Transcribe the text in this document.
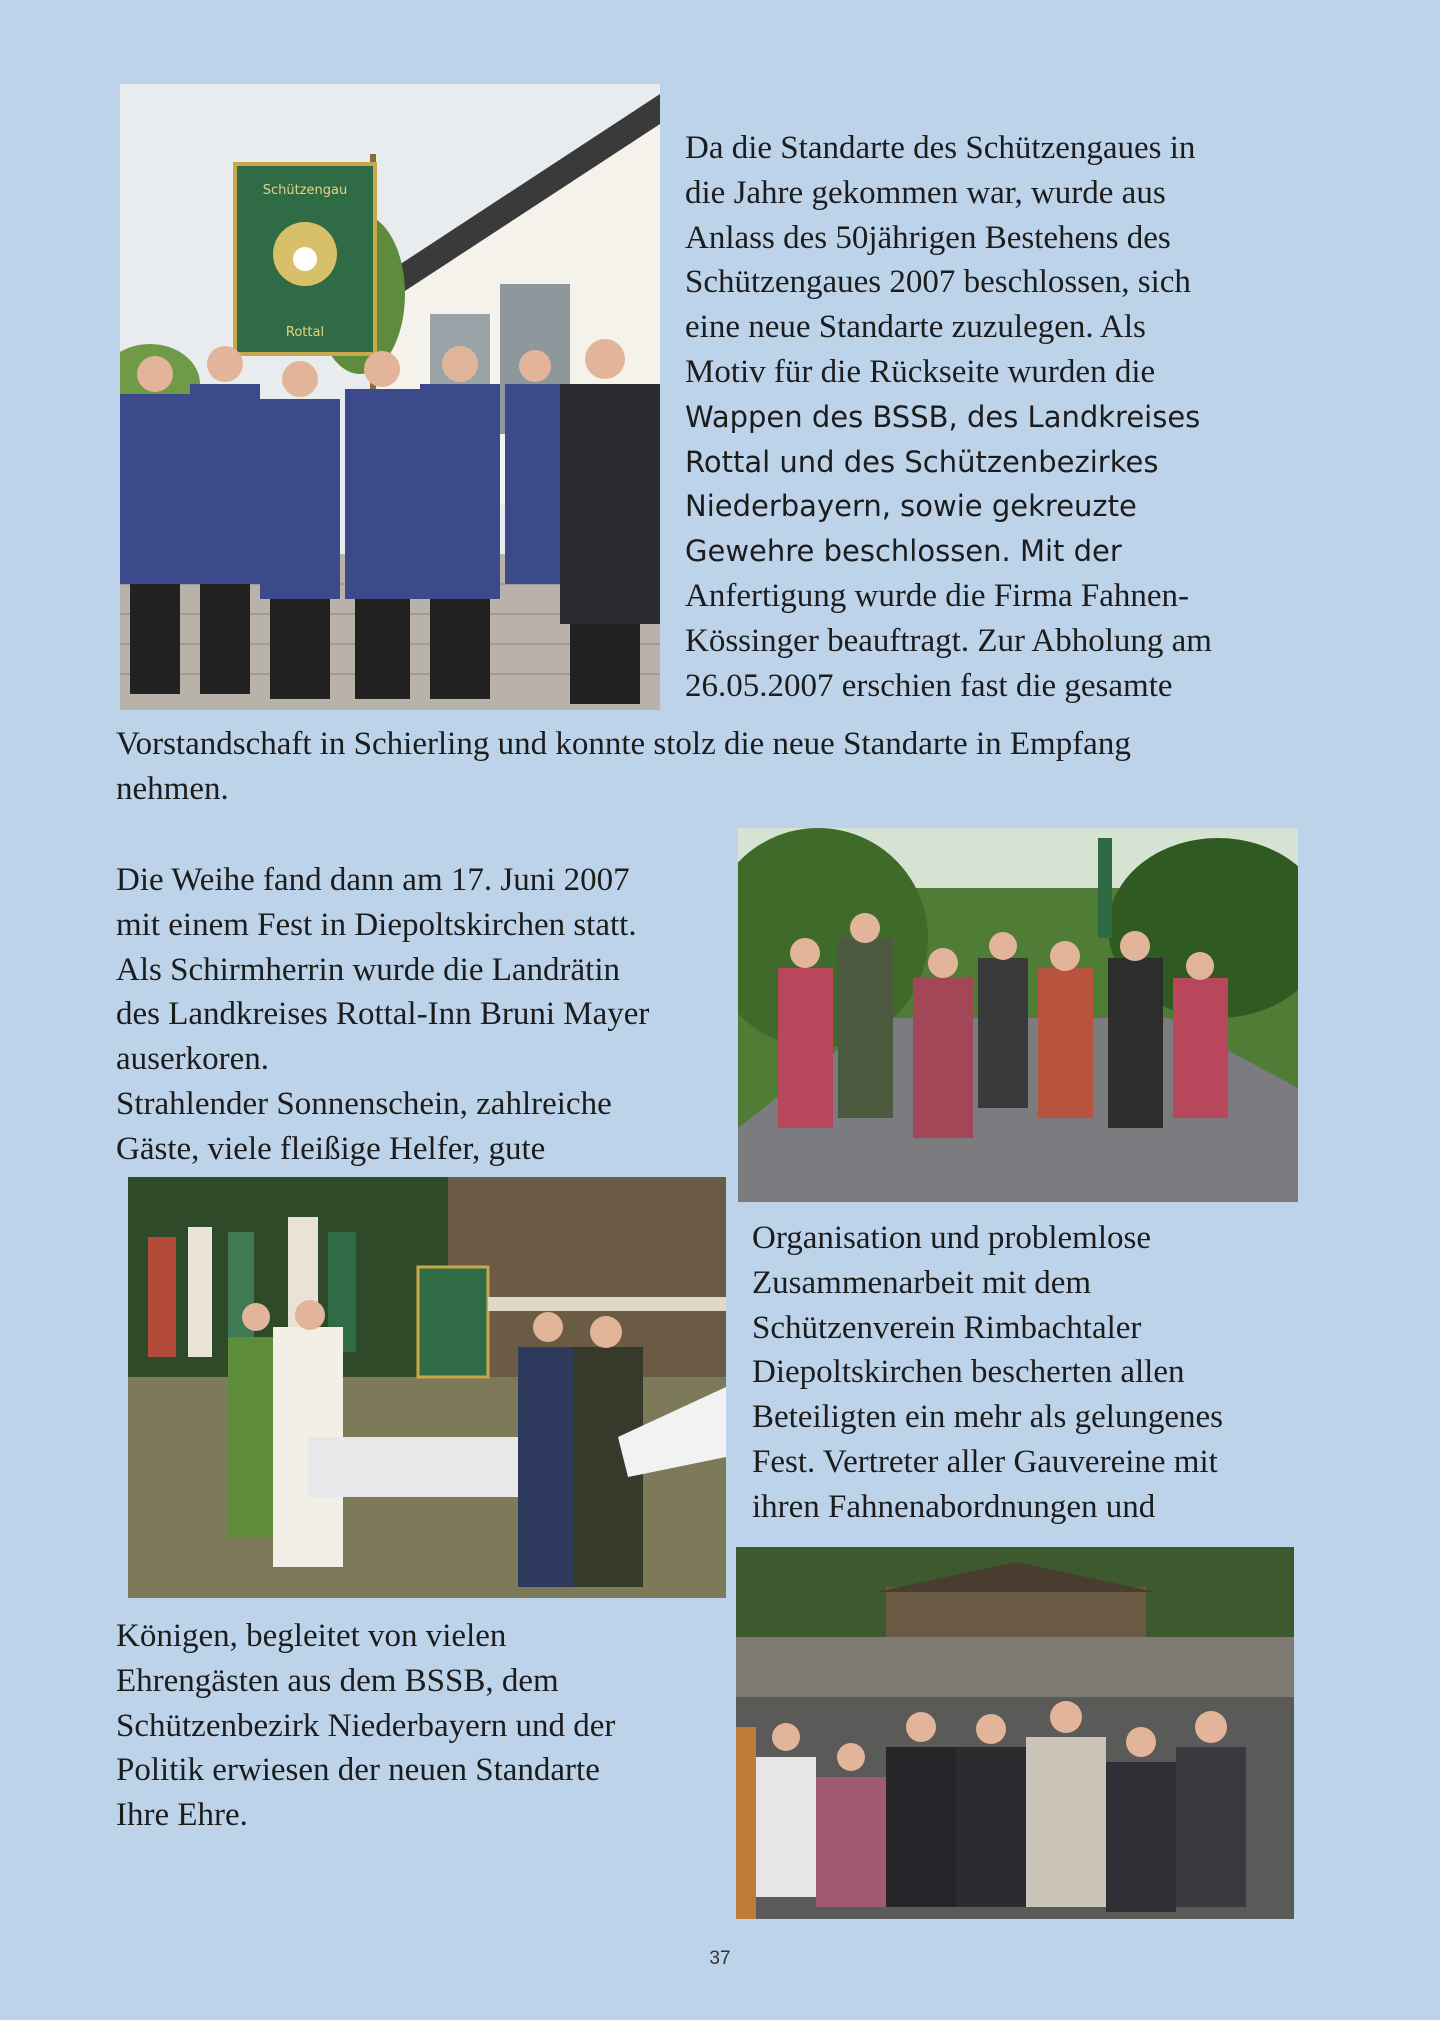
Schützengau
Rottal

Da die Standarte des Schützengaues in
die Jahre gekommen war, wurde aus
Anlass des 50jährigen Bestehens des
Schützengaues 2007 beschlossen, sich
eine neue Standarte zuzulegen. Als
Motiv für die Rückseite wurden die
Wappen des BSSB, des Landkreises
Rottal und des Schützenbezirkes
Niederbayern, sowie gekreuzte
Gewehre beschlossen. Mit der
Anfertigung wurde die Firma Fahnen-
Kössinger beauftragt. Zur Abholung am
26.05.2007 erschien fast die gesamte

Vorstandschaft in Schierling und konnte stolz die neue Standarte in Empfang
nehmen.

Die Weihe fand dann am 17. Juni 2007
mit einem Fest in Diepoltskirchen statt.
Als Schirmherrin wurde die Landrätin
des Landkreises Rottal-Inn Bruni Mayer
auserkoren.
Strahlender Sonnenschein, zahlreiche
Gäste, viele fleißige Helfer, gute

Organisation und problemlose
Zusammenarbeit mit dem
Schützenverein Rimbachtaler
Diepoltskirchen bescherten allen
Beteiligten ein mehr als gelungenes
Fest. Vertreter aller Gauvereine mit
ihren Fahnenabordnungen und

Königen, begleitet von vielen
Ehrengästen aus dem BSSB, dem
Schützenbezirk Niederbayern und der
Politik erwiesen der neuen Standarte
Ihre Ehre.

37
